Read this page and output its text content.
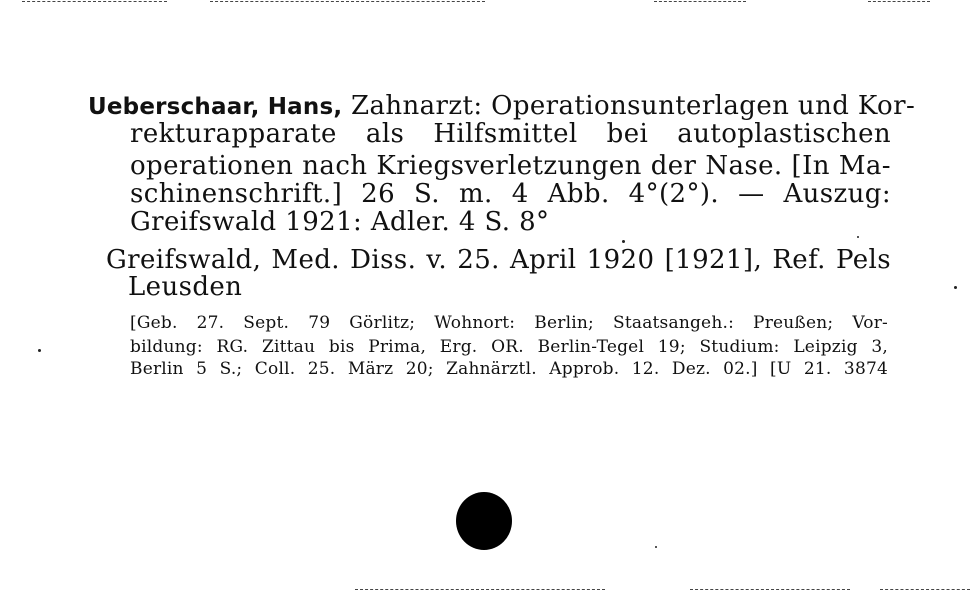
Ueberschaar, Hans, Zahnarzt: Operationsunterlagen und Kor-
rekturapparate als Hilfsmittel bei autoplastischen
operationen nach Kriegsverletzungen der Nase. [In Ma-
schinenschrift.] 26 S. m. 4 Abb. 4°(2°). — Auszug:
Greifswald 1921: Adler. 4 S. 8°
Greifswald, Med. Diss. v. 25. April 1920 [1921], Ref. Pels
Leusden
[Geb. 27. Sept. 79 Görlitz; Wohnort: Berlin; Staatsangeh.: Preußen; Vor-
bildung: RG. Zittau bis Prima, Erg. OR. Berlin-Tegel 19; Studium: Leipzig 3,
Berlin 5 S.; Coll. 25. März 20; Zahnärztl. Approb. 12. Dez. 02.] [U 21. 3874
